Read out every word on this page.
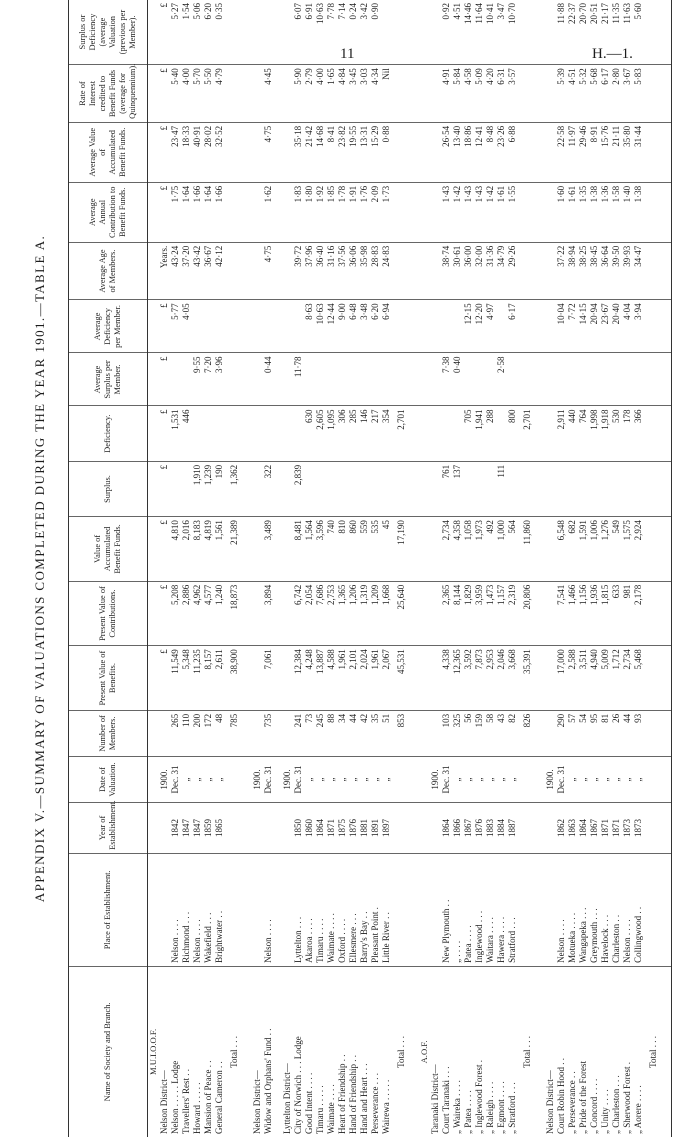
11	H.—1.
APPENDIX V.—SUMMARY OF VALUATIONS COMPLETED DURING THE YEAR 1901.—TABLE A.
Name of Society and Branch.	Place of Establishment.	Year of Establishment.	Date of Valuation.	Number of Members.	Present Value of Benefits.	Present Value of Contributions.	Value of Accumulated Benefit Funds.	Surplus.	Deficiency.	Average Surplus per Member.	Average Deficiency per Member.	Average Age of Members.	Average Annual Contribution to Benefit Funds.	Average Value of Accumulated Benefit Funds.	Rate of Interest credited to Benefit Funds (average for Quinquennium).	Surplus or Deficiency (average Valuation (previous per Member).
M.U.I.O.O.F.																
Nelson District—			1900.		£	£	£	£	£	£	£	Years.	£	£	£	£
Nelson . . . . . Lodge	Nelson . . . .	1842	Dec. 31	265	11,549	5,208	4,810		1,531		5·77	43·24	1·75	23·47	5·40	5·27
Travellers' Rest . .	Richmond . . .	1847	„	110	5,348	2,886	2,016		446		4·05	37·20	1·64	18·33	4·00	1·54
Howard . . . . .	Nelson . . . .	1847	„	200	11,235	4,962	8,183	1,910		9·55		43·42	1·66	40·91	5·70	5·06
Mansion of Peace . .	Wakefield . . .	1859	„	172	8,157	4,577	4,819	1,239		7·20		36·67	1·64	28·02	5·50	6·20
General Cameron . .	Brightwater . .	1865	„	48	2,611	1,240	1,561	190		3·96		42·12	1·66	32·52	4·79	0·35
Total . . .				785	38,900	18,873	21,389	1,362								

Nelson District—			1900.													
Widow and Orphans' Fund . .	Nelson . . . .		Dec. 31	735	7,061	3,894	3,489	322		0·44		4·75	1·62	4·75	4·45	

Lyttelton District—			1900.													
City of Norwich . . . Lodge	Lyttelton . . .	1850	Dec. 31	241	12,384	6,742	8,481	2,839		11·78		39·72	1·83	35·18	5·90	6·07
Good Intent . . . .	Akaroa . . . .	1860	„	73	4,248	2,054	1,564		630		8·63	37·96	1·80	21·42	2·79	6·91
Timaru . . . . .	Timaru . . . .	1864	„	245	13,887	7,686	3,596		2,605		10·63	36·40	1·92	14·68	4·00	10·63
Waimate . . . .	Waimate . . . .	1871	„	88	4,588	2,753	740		1,095		12·44	31·16	1·85	8·41	1·65	7·78
Heart of Friendship . .	Oxford . . . .	1875	„	34	1,961	1,365	810		306		9·00	37·56	1·78	23·82	4·84	7·14
Hand of Friendship . .	Ellesmere . . .	1876	„	44	2,101	1,206	860		285		6·48	36·06	1·91	19·55	3·45	0·24
Hand and Heart . . .	Barry's Bay . .	1881	„	42	2,024	1,319	559		146		3·48	35·98	1·76	13·31	3·03	3·42
Perseverance . . .	Pleasant Point .	1891	„	35	1,961	1,209	535		217		6·20	28·83	2·09	15·29	4·34	0·90
Wairewa . . . . .	Little River . .	1897	„	51	2,067	1,668	45		354		6·94	24·83	1·73	0·88	Nil	
Total . . .				853	45,531	25,640	17,190		2,701							

A.O.F.																
Taranaki District—			1900.													
Court Taranaki . . .	New Plymouth . .	1864	Dec. 31	103	4,338	2,365	2,734	761		7·38		38·74	1·43	26·54	4·91	0·92
„ Waireka . . . .	„ . . . .	1866	„	325	12,365	8,144	4,358	137		0·40		30·61	1·42	13·40	5·84	4·51
„ Patea . . . .	Patea . . . .	1867	„	56	3,592	1,829	1,058		705		12·15	36·00	1·43	18·86	4·58	14·46
„ Inglewood Forest .	Inglewood . . .	1876	„	159	7,873	3,959	1,973		1,941		12·20	32·00	1·43	12·41	5·09	11·64
„ Raleigh . . . .	Waitara . . . .	1883	„	58	2,953	1,473	492		288		4·97	31·36	1·42	8·48	4·20	10·41
„ Egmont . . . .	Hawera . . . .	1884	„	43	2,046	1,157	1,000	111		2·58		34·79	1·61	23·26	6·31	3·47
„ Stratford . . .	Stratford . . .	1887	„	82	3,668	2,319	564		800		6·17	29·26	1·55	6·88	3·57	10·70
Total . . .				826	35,391	20,806	11,860		2,701							

Nelson District—			1900.													
Court Robin Hood . .	Nelson . . . .	1862	Dec. 31	290	17,000	7,541	6,548		2,911		10·04	37·22	1·60	22·58	5·39	11·88
„ Perseverance . .	Motueka . . . .	1863	„	57	2,588	1,466	682		440		7·72	38·94	1·61	11·97	4·51	22·37
„ Pride of the Forest	Wangapeka . . .	1864	„	54	3,511	1,156	1,591		764		14·15	38·25	1·35	29·46	5·32	20·70
„ Concord . . . .	Greymouth . . .	1867	„	95	4,940	1,936	1,006		1,998		20·94	38·45	1·38	8·91	5·68	20·51
„ Unity . . . .	Havelock . . .	1871	„	81	5,009	1,815	1,276		1,918		23·67	36·64	1·36	15·76	6·17	21·17
„ Charleston . . .	Charleston . .	1871	„	26	1,712	633	549		530		20·40	39·50	1·58	21·11	2·80	11·35
„ Sherwood Forest .	Nelson . . . .	1873	„	44	2,734	981	1,575		178		4·04	39·93	1·40	35·80	3·67	11·63
„ Aorere . . . .	Collingwood . .	1873	„	93	5,468	2,178	2,924		366		3·94	34·47	1·38	31·44	5·83	5·60
Total . . .																
